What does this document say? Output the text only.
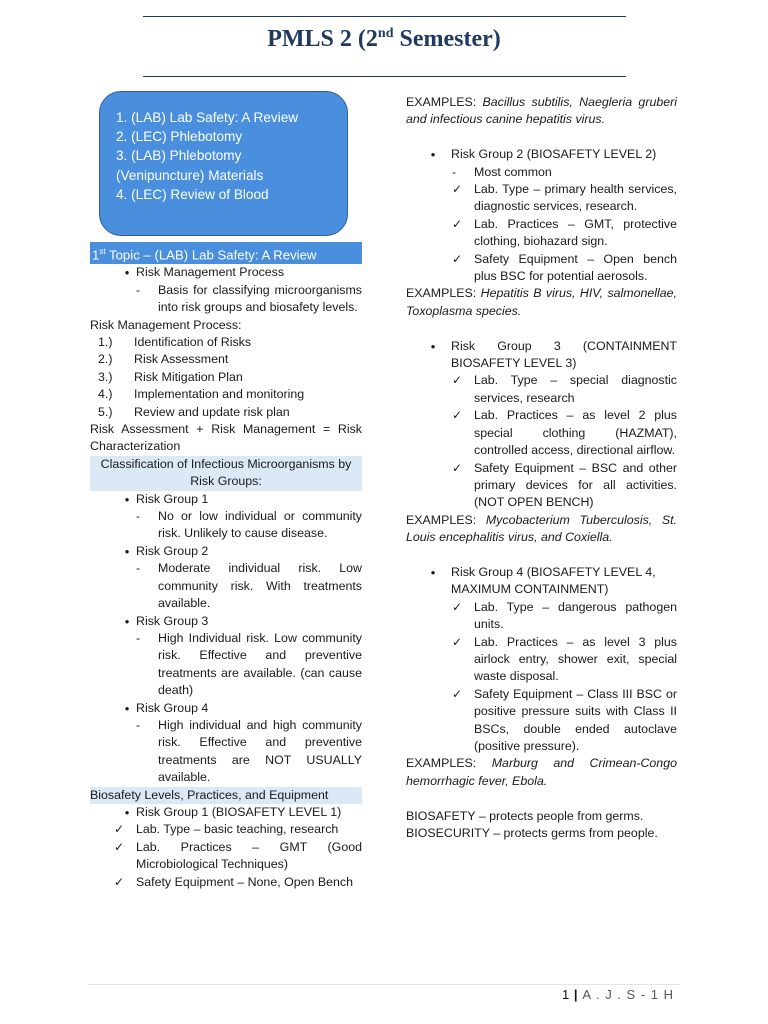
PMLS 2 (2nd Semester)
1. (LAB) Lab Safety: A Review
2. (LEC) Phlebotomy
3. (LAB) Phlebotomy
(Venipuncture) Materials
4. (LEC) Review of Blood
1st Topic – (LAB) Lab Safety: A Review
• Risk Management Process
-	Basis for classifying microorganisms into risk groups and biosafety levels.
Risk Management Process:
1.)	Identification of Risks
2.)	Risk Assessment
3.)	Risk Mitigation Plan
4.)	Implementation and monitoring
5.)	Review and update risk plan
Risk Assessment + Risk Management = Risk Characterization
Classification of Infectious Microorganisms by Risk Groups:
• Risk Group 1
-	No or low individual or community risk. Unlikely to cause disease.
• Risk Group 2
-	Moderate individual risk. Low community risk. With treatments available.
• Risk Group 3
-	High Individual risk. Low community risk. Effective and preventive treatments are available. (can cause death)
• Risk Group 4
-	High individual and high community risk. Effective and preventive treatments are NOT USUALLY available.
Biosafety Levels, Practices, and Equipment
• Risk Group 1 (BIOSAFETY LEVEL 1)
✓ Lab. Type – basic teaching, research
✓ Lab. Practices – GMT (Good Microbiological Techniques)
✓ Safety Equipment – None, Open Bench
EXAMPLES: Bacillus subtilis, Naegleria gruberi and infectious canine hepatitis virus.
•	Risk Group 2 (BIOSAFETY LEVEL 2)
-	Most common
✓ Lab. Type – primary health services, diagnostic services, research.
✓ Lab. Practices – GMT, protective clothing, biohazard sign.
✓ Safety Equipment – Open bench plus BSC for potential aerosols.
EXAMPLES: Hepatitis B virus, HIV, salmonellae, Toxoplasma species.
•	Risk Group 3 (CONTAINMENT BIOSAFETY LEVEL 3)
✓ Lab. Type – special diagnostic services, research
✓ Lab. Practices – as level 2 plus special clothing (HAZMAT), controlled access, directional airflow.
✓ Safety Equipment – BSC and other primary devices for all activities. (NOT OPEN BENCH)
EXAMPLES: Mycobacterium Tuberculosis, St. Louis encephalitis virus, and Coxiella.
•	Risk Group 4 (BIOSAFETY LEVEL 4, MAXIMUM CONTAINMENT)
✓ Lab. Type – dangerous pathogen units.
✓ Lab. Practices – as level 3 plus airlock entry, shower exit, special waste disposal.
✓ Safety Equipment – Class III BSC or positive pressure suits with Class II BSCs, double ended autoclave (positive pressure).
EXAMPLES: Marburg and Crimean-Congo hemorrhagic fever, Ebola.
BIOSAFETY – protects people from germs.
BIOSECURITY – protects germs from people.
1 | A . J . S - 1 H
